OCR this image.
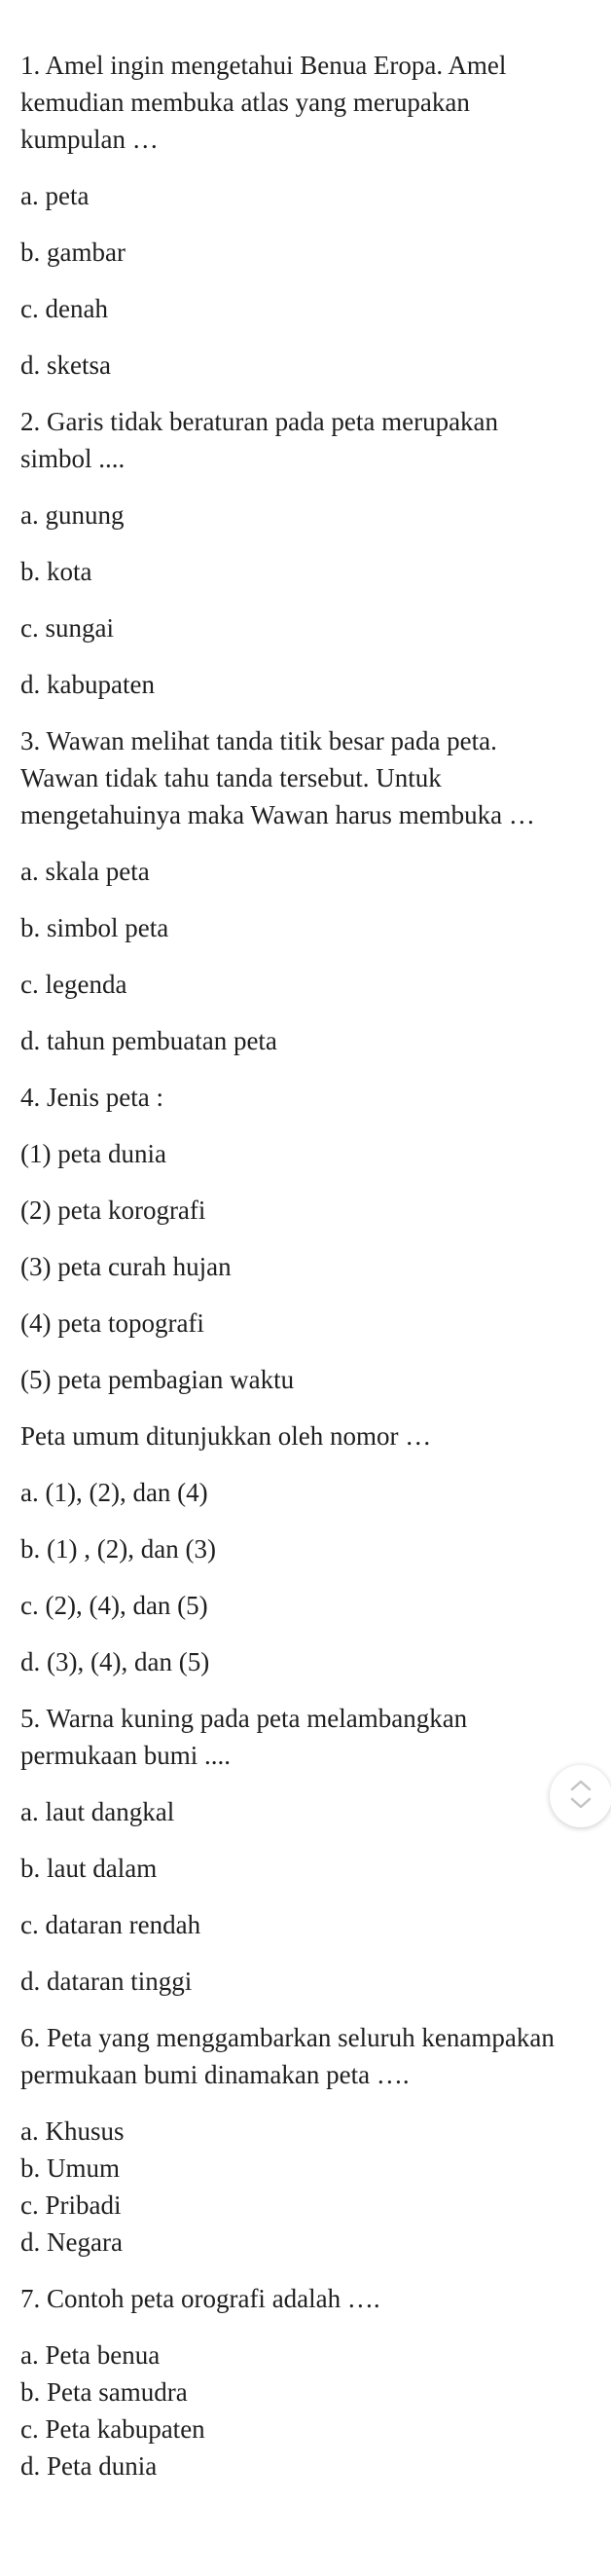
1. Amel ingin mengetahui Benua Eropa. Amel kemudian membuka atlas yang merupakan kumpulan …

a. peta

b. gambar

c. denah

d. sketsa

2. Garis tidak beraturan pada peta merupakan simbol ....

a. gunung

b. kota

c. sungai

d. kabupaten

3. Wawan melihat tanda titik besar pada peta. Wawan tidak tahu tanda tersebut. Untuk mengetahuinya maka Wawan harus membuka …

a. skala peta

b. simbol peta

c. legenda

d. tahun pembuatan peta

4. Jenis peta :

(1) peta dunia

(2) peta korografi

(3) peta curah hujan

(4) peta topografi

(5) peta pembagian waktu

Peta umum ditunjukkan oleh nomor …

a. (1), (2), dan (4)

b. (1) , (2), dan (3)

c. (2), (4), dan (5)

d. (3), (4), dan (5)

5. Warna kuning pada peta melambangkan permukaan bumi ....

a. laut dangkal

b. laut dalam

c. dataran rendah

d. dataran tinggi

6. Peta yang menggambarkan seluruh kenampakan permukaan bumi dinamakan peta ….

a. Khusus

b. Umum

c. Pribadi

d. Negara

7. Contoh peta orografi adalah ….

a. Peta benua

b. Peta samudra

c. Peta kabupaten

d. Peta dunia
